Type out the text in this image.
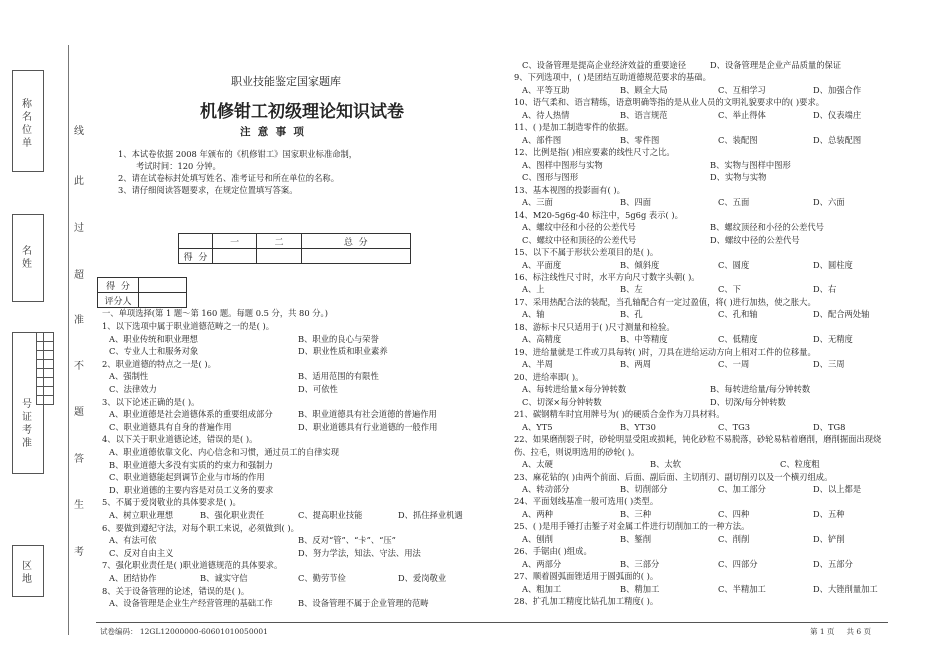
称名位单
名姓
号证考准
区地
职业技能鉴定国家题库
机修钳工初级理论知识试卷
注  意  事  项
1、本试卷依据 2008 年颁布的《机修钳工》国家职业标准命制，
考试时间：120 分钟。
2、请在试卷标封处填写姓名、准考证号和所在单位的名称。
3、请仔细阅读答题要求，在规定位置填写答案。
	一	二	总  分
得  分			
得  分	
评分人	
一、单项选择(第 1 题～第 160 题。每题 0.5 分，共 80 分。)
试卷编码： 12GL12000000-60601010050001	第 1 页     共 6 页
线
此
过
超
准
不
题
答
生
考
1、以下选项中属于职业道德范畴之一的是( )。
A、职业传统和职业理想	B、职业的良心与荣誉
C、专业人士和服务对象	D、职业性质和职业素养
2、职业道德的特点之一是( )。
A、强制性	B、适用范围的有限性
C、法律效力	D、可依性
3、以下论述正确的是( )。
A、职业道德是社会道德体系的重要组成部分	B、职业道德具有社会道德的普遍作用
C、职业道德具有自身的普遍作用	D、职业道德具有行业道德的一般作用
4、以下关于职业道德论述，错误的是( )。
A、职业道德依靠文化、内心信念和习惯，通过员工的自律实现
B、职业道德大多没有实质的约束力和强制力
C、职业道德能起到调节企业与市场的作用
D、职业道德的主要内容是对员工义务的要求
5、不属于爱岗敬业的具体要求是( )。
A、树立职业理想	B、强化职业责任	C、提高职业技能	D、抓住择业机遇
6、要做到遵纪守法，对每个职工来说，必须做到( )。
A、有法可依	B、反对“管”、“卡”、“压”
C、反对自由主义	D、努力学法，知法、守法、用法
7、强化职业责任是( )职业道德规范的具体要求。
A、团结协作	B、诚实守信	C、勤劳节俭	D、爱岗敬业
8、关于设备管理的论述，错误的是( )。
A、设备管理是企业生产经营管理的基础工作	B、设备管理不属于企业管理的范畴
C、设备管理是提高企业经济效益的重要途径	D、设备管理是企业产品质量的保证
9、下列选项中，( )是团结互助道德规范要求的基础。
A、平等互助	B、顾全大局	C、互相学习	D、加强合作
10、语气柔和、语言精练，语意明确等指的是从业人员的文明礼貌要求中的( )要求。
A、待人热情	B、语言规范	C、举止得体	D、仪表端庄
11、( )是加工制造零件的依据。
A、部件图	B、零件图	C、装配图	D、总装配图
12、比例是指( )相应要素的线性尺寸之比。
A、图样中图形与实物	B、实物与图样中图形
C、图形与图形	D、实物与实物
13、基本视图的投影面有( )。
A、三面	B、四面	C、五面	D、六面
14、M20-5g6g-40 标注中，5g6g 表示( )。
A、螺纹中径和小径的公差代号	B、螺纹顶径和小径的公差代号
C、螺纹中径和顶径的公差代号	D、螺纹中径的公差代号
15、以下不属于形状公差项目的是( )。
A、平面度	B、倾斜度	C、圆度	D、圆柱度
16、标注线性尺寸时，水平方向尺寸数字头朝( )。
A、上	B、左	C、下	D、右
17、采用热配合法的装配，当孔轴配合有一定过盈值，将( )进行加热，使之胀大。
A、轴	B、孔	C、孔和轴	D、配合两处轴
18、游标卡尺只适用于( )尺寸测量和检验。
A、高精度	B、中等精度	C、低精度	D、无精度
19、进给量就是工件或刀具每转( )时，刀具在进给运动方向上相对工件的位移量。
A、半周	B、两周	C、一周	D、三周
20、进给率即( )。
A、每转进给量×每分钟转数	B、每转进给量/每分钟转数
C、切深×每分钟转数	D、切深/每分钟转数
21、碳钢精车时宜用牌号为( )的硬质合金作为刀具材料。
A、YT5	B、YT30	C、TG3	D、TG8
22、如果磨削裂子时，砂轮明显受阻或损耗，钝化砂粒不易脱落，砂轮易粘着磨削，磨削掘面出现烧
伤、拉毛，则说明选用的砂轮( )。
A、太硬	B、太软	C、粒度粗
23、麻花钻的( )由两个前面、后面、副后面、主切削刃、副切削刃以及一个横刃组成。
A、转动部分	B、切削部分	C、加工部分	D、以上都是
24、平面划线基准一般可选用( )类型。
A、两种	B、三种	C、四种	D、五种
25、( )是用手锤打击錾子对金属工件进行切削加工的一种方法。
A、刨削	B、錾削	C、削削	D、铲削
26、手锯由( )组成。
A、两部分	B、三部分	C、四部分	D、五部分
27、顺着圆弧面锉适用于圆弧面的( )。
A、粗加工	B、精加工	C、半精加工	D、大锉削量加工
28、扩孔加工精度比钻孔加工精度( )。
